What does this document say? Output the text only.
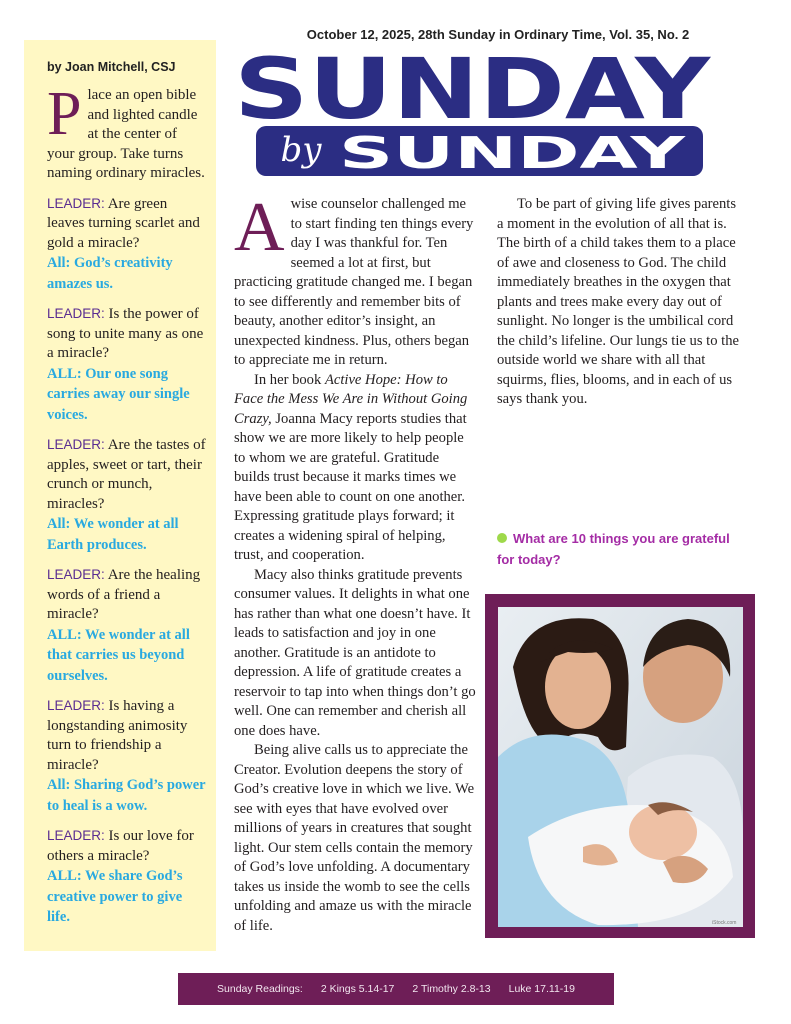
October 12, 2025, 28th Sunday in Ordinary Time, Vol. 35, No. 2
SUNDAY
by SUNDAY
by Joan Mitchell, CSJ

Place an open bible and lighted candle at the center of your group. Take turns naming ordinary miracles.

LEADER: Are green leaves turning scarlet and gold a miracle?
All: God’s creativity amazes us.
LEADER: Is the power of song to unite many as one a miracle?
ALL: Our one song carries away our single voices.
LEADER: Are the tastes of apples, sweet or tart, their crunch or munch, miracles?
All: We wonder at all Earth produces.
LEADER: Are the healing words of a friend a miracle?
ALL: We wonder at all that carries us beyond ourselves.
LEADER: Is having a longstanding animosity turn to friendship a miracle?
All: Sharing God’s power to heal is a wow.
LEADER: Is our love for others a miracle?
ALL: We share God’s creative power to give life.

A wise counselor challenged me to start finding ten things every day I was thankful for. Ten seemed a lot at first, but practicing gratitude changed me. I began to see differently and remember bits of beauty, another editor’s insight, an unexpected kindness. Plus, others began to appreciate me in return.

In her book Active Hope: How to Face the Mess We Are in Without Going Crazy, Joanna Macy reports studies that show we are more likely to help people to whom we are grateful. Gratitude builds trust because it marks times we have been able to count on one another. Expressing gratitude plays forward; it creates a widening spiral of helping, trust, and cooperation.

Macy also thinks gratitude prevents consumer values. It delights in what one has rather than what one doesn’t have. It leads to satisfaction and joy in one another. Gratitude is an antidote to depression. A life of gratitude creates a reservoir to tap into when things don’t go well. One can remember and cherish all one does have.

Being alive calls us to appreciate the Creator. Evolution deepens the story of God’s creative love in which we live. We see with eyes that have evolved over millions of years in creatures that sought light. Our stem cells contain the memory of God’s love unfolding. A documentary takes us inside the womb to see the cells unfolding and amaze us with the miracle of life.

To be part of giving life gives parents a moment in the evolution of all that is. The birth of a child takes them to a place of awe and closeness to God. The child immediately breathes in the oxygen that plants and trees make every day out of sunlight. No longer is the umbilical cord the child’s lifeline. Our lungs tie us to the outside world we share with all that squirms, flies, blooms, and in each of us says thank you.

What are 10 things you are grateful for today?
iStock.com
Sunday Readings: 2 Kings 5.14-17 2 Timothy 2.8-13 Luke 17.11-19
